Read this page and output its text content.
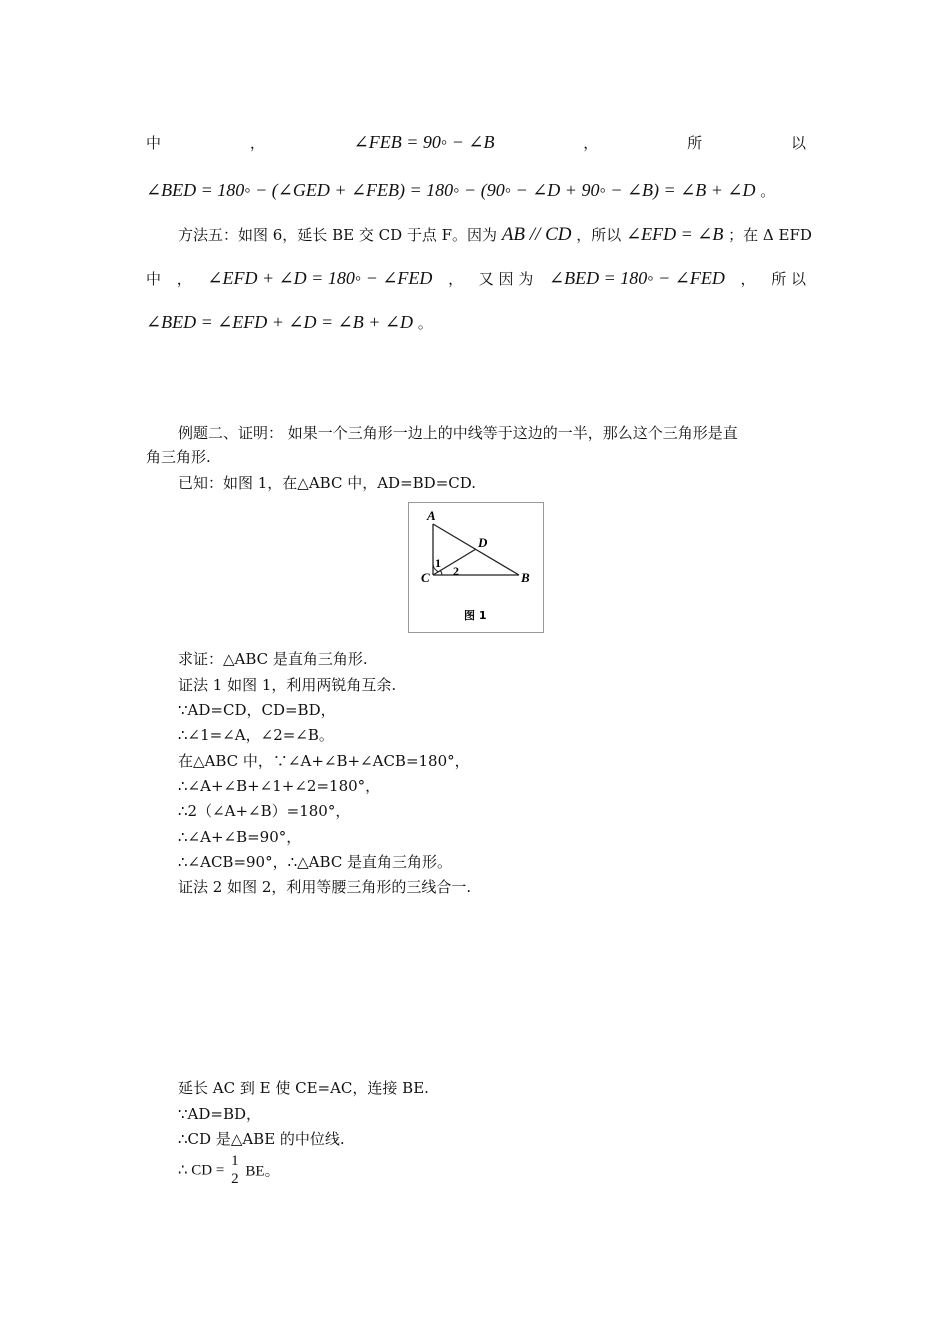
中	，	∠FEB = 90◦ − ∠B	，	所	以
∠BED = 180◦ − (∠GED + ∠FEB) = 180◦ − (90◦ − ∠D + 90◦ − ∠B) = ∠B + ∠D 。
方法五：如图 6，延长 BE 交 CD 于点 F。因为 AB // CD ，所以 ∠EFD = ∠B ；在 Δ EFD
中 ， ∠EFD + ∠D = 180◦ − ∠FED ， 又 因 为 ∠BED = 180◦ − ∠FED ， 所 以
∠BED = ∠EFD + ∠D = ∠B + ∠D 。
例题二、证明： 如果一个三角形一边上的中线等于这边的一半，那么这个三角形是直
角三角形.
已知：如图 1，在△ABC 中，AD=BD=CD.
A
D
C	B
1
2
图 1
求证：△ABC 是直角三角形.
证法 1 如图 1，利用两锐角互余.
∵AD=CD，CD=BD，
∴∠1=∠A，∠2=∠B。
在△ABC 中，∵∠A+∠B+∠ACB=180°，
∴∠A+∠B+∠1+∠2=180°，
∴2（∠A+∠B）=180°，
∴∠A+∠B=90°，
∴∠ACB=90°，∴△ABC 是直角三角形。
证法 2 如图 2，利用等腰三角形的三线合一.
延长 AC 到 E 使 CE=AC，连接 BE.
∵AD=BD，
∴CD 是△ABE 的中位线.
∴ CD =
1
2 BE。
